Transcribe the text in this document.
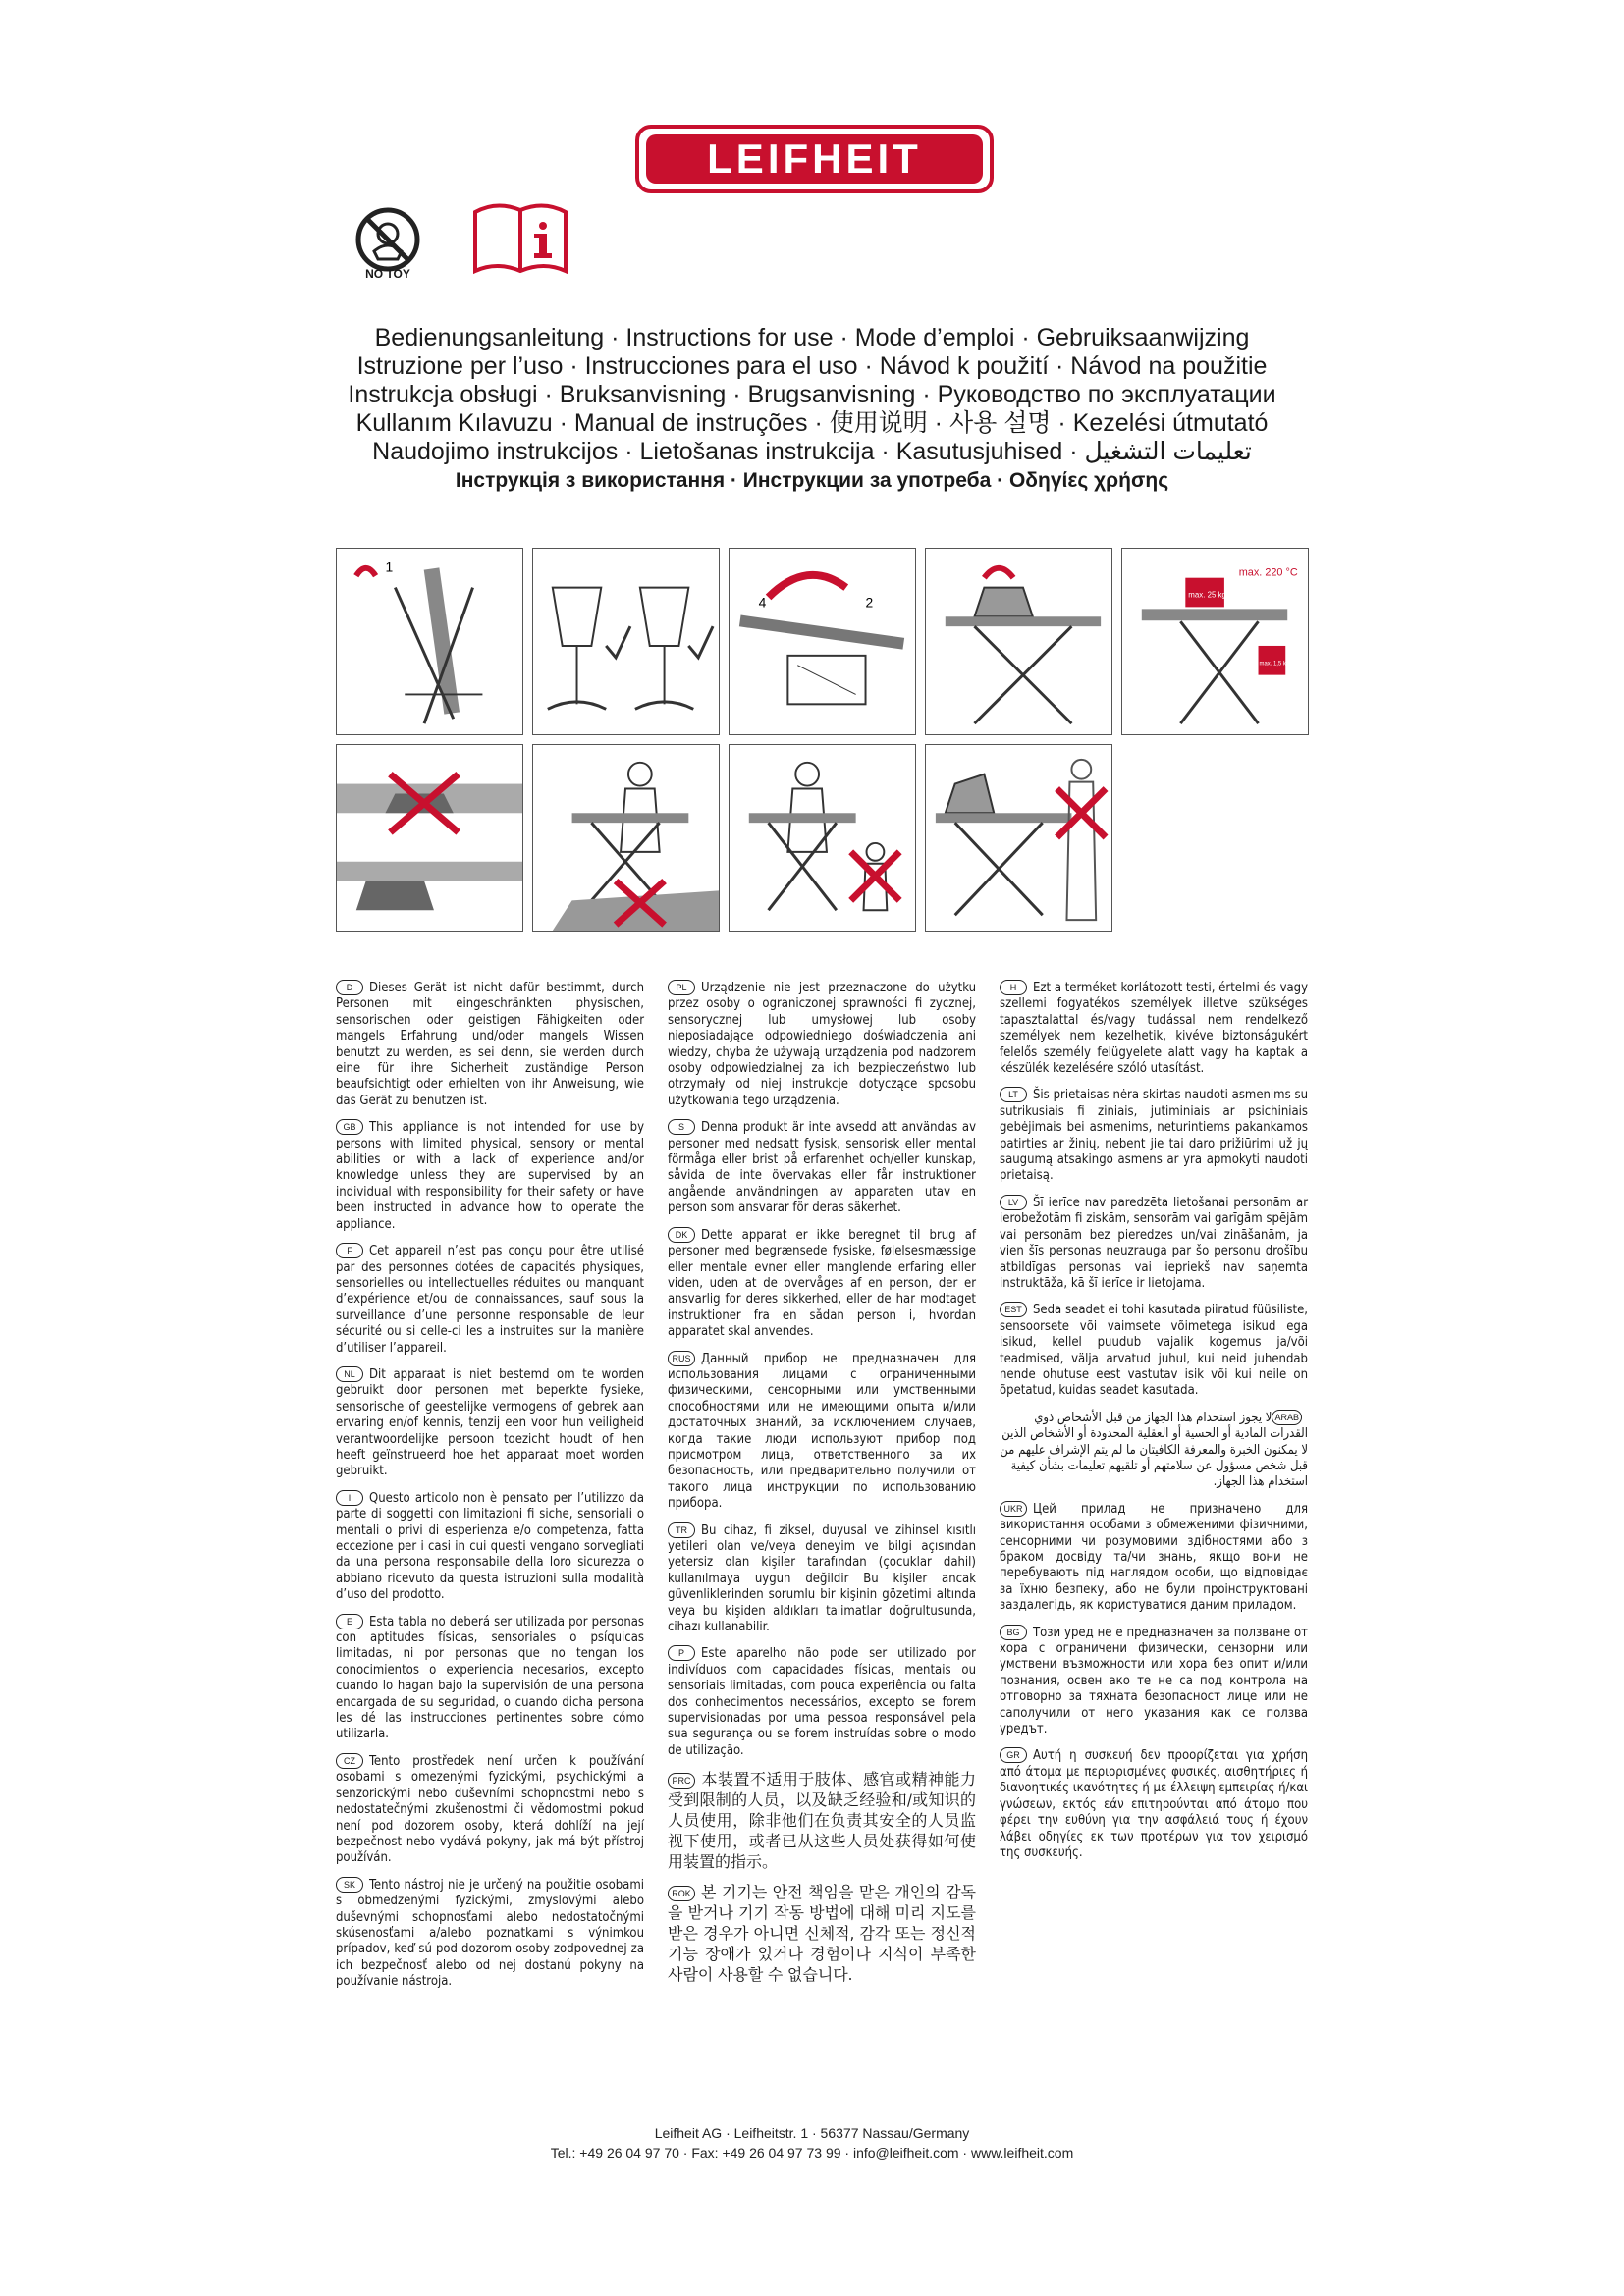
LEIFHEIT
NO TOY
Bedienungsanleitung · Instructions for use · Mode d’emploi · Gebruiksaanwijzing
Istruzione per l’uso · Instrucciones para el uso · Návod k použití · Návod na použitie
Instrukcja obsługi · Bruksanvisning · Brugsanvisning · Руководство по эксплуатации
Kullanım Kılavuzu · Manual de instruções · 使用说明 · 사용 설명 · Kezelési útmutató
Naudojimo instrukcijos · Lietošanas instrukcija · Kasutusjuhised · تعليمات التشغيل
Інструкція з використання · Инструкции за употреба · Οδηγίες χρήσης
1
4	2
max. 220 °C
max. 25 kg
max. 1,5 kg

D Dieses Gerät ist nicht dafür bestimmt, durch Personen mit eingeschränkten physischen, sensorischen oder geistigen Fähigkeiten oder mangels Erfahrung und/oder mangels Wissen benutzt zu werden, es sei denn, sie werden durch eine für ihre Sicherheit zuständige Person beaufsichtigt oder erhielten von ihr Anweisung, wie das Gerät zu benutzen ist.

GB This appliance is not intended for use by persons with limited physical, sensory or mental abilities or with a lack of experience and/or knowledge unless they are supervised by an individual with responsibility for their safety or have been instructed in advance how to operate the appliance.

F Cet appareil n’est pas conçu pour être utilisé par des personnes dotées de capacités physiques, sensorielles ou intellectuelles réduites ou manquant d’expérience et/ou de connaissances, sauf sous la surveillance d’une personne responsable de leur sécurité ou si celle-ci les a instruites sur la manière d’utiliser l’appareil.

NL Dit apparaat is niet bestemd om te worden gebruikt door personen met beperkte fysieke, sensorische of geestelijke vermogens of gebrek aan ervaring en/of kennis, tenzij een voor hun veiligheid verantwoordelijke persoon toezicht houdt of hen heeft geïnstrueerd hoe het apparaat moet worden gebruikt.

I Questo articolo non è pensato per l’utilizzo da parte di soggetti con limitazioni fi siche, sensoriali o mentali o privi di esperienza e/o competenza, fatta eccezione per i casi in cui questi vengano sorvegliati da una persona responsabile della loro sicurezza o abbiano ricevuto da questa istruzioni sulla modalità d’uso del prodotto.

E Esta tabla no deberá ser utilizada por personas con aptitudes físicas, sensoriales o psíquicas limitadas, ni por personas que no tengan los conocimientos o experiencia necesarios, excepto cuando lo hagan bajo la supervisión de una persona encargada de su seguridad, o cuando dicha persona les dé las instrucciones pertinentes sobre cómo utilizarla.

CZ Tento prostředek není určen k používání osobami s omezenými fyzickými, psychickými a senzorickými nebo duševními schopnostmi nebo s nedostatečnými zkušenostmi či vědomostmi pokud není pod dozorem osoby, která dohlíží na její bezpečnost nebo vydává pokyny, jak má být přístroj používán.

SK Tento nástroj nie je určený na použitie osobami s obmedzenými fyzickými, zmyslovými alebo duševnými schopnosťami alebo nedostatočnými skúsenosťami a/alebo poznatkami s výnimkou prípadov, keď sú pod dozorom osoby zodpovednej za ich bezpečnosť alebo od nej dostanú pokyny na používanie nástroja.

PL Urządzenie nie jest przeznaczone do użytku przez osoby o ograniczonej sprawności fi zycznej, sensorycznej lub umysłowej lub osoby nieposiadające odpowiedniego doświadczenia ani wiedzy, chyba że używają urządzenia pod nadzorem osoby odpowiedzialnej za ich bezpieczeństwo lub otrzymały od niej instrukcje dotyczące sposobu użytkowania tego urządzenia.

S Denna produkt är inte avsedd att användas av personer med nedsatt fysisk, sensorisk eller mental förmåga eller brist på erfarenhet och/eller kunskap, såvida de inte övervakas eller får instruktioner angående användningen av apparaten utav en person som ansvarar för deras säkerhet.

DK Dette apparat er ikke beregnet til brug af personer med begrænsede fysiske, følelsesmæssige eller mentale evner eller manglende erfaring eller viden, uden at de overvåges af en person, der er ansvarlig for deres sikkerhed, eller de har modtaget instruktioner fra en sådan person i, hvordan apparatet skal anvendes.

RUS Данный прибор не предназначен для использования лицами с ограниченными физическими, сенсорными или умственными способностями или не имеющими опыта и/или достаточных знаний, за исключением случаев, когда такие люди используют прибор под присмотром лица, ответственного за их безопасность, или предварительно получили от такого лица инструкции по использованию прибора.

TR Bu cihaz, fi ziksel, duyusal ve zihinsel kısıtlı yetileri olan ve/veya deneyim ve bilgi açısından yetersiz olan kişiler tarafından (çocuklar dahil) kullanılmaya uygun değildir Bu kişiler ancak güvenliklerinden sorumlu bir kişinin gözetimi altında veya bu kişiden aldıkları talimatlar doğrultusunda, cihazı kullanabilir.

P Este aparelho não pode ser utilizado por indivíduos com capacidades físicas, mentais ou sensoriais limitadas, com pouca experiência ou falta dos conhecimentos necessários, excepto se forem supervisionadas por uma pessoa responsável pela sua segurança ou se forem instruídas sobre o modo de utilização.

PRC 本装置不适用于肢体、感官或精神能力受到限制的人员，以及缺乏经验和/或知识的人员使用，除非他们在负责其安全的人员监视下使用，或者已从这些人员处获得如何使用装置的指示。

ROK 본 기기는 안전 책임을 맡은 개인의 감독을 받거나 기기 작동 방법에 대해 미리 지도를 받은 경우가 아니면 신체적, 감각 또는 정신적 기능 장애가 있거나 경험이나 지식이 부족한 사람이 사용할 수 없습니다.

H Ezt a terméket korlátozott testi, értelmi és vagy szellemi fogyatékos személyek illetve szükséges tapasztalattal és/vagy tudással nem rendelkező személyek nem kezelhetik, kivéve biztonságukért felelős személy felügyelete alatt vagy ha kaptak a készülék kezelésére szóló utasítást.

LT Šis prietaisas nėra skirtas naudoti asmenims su sutrikusiais fi ziniais, jutiminiais ar psichiniais gebėjimais bei asmenims, neturintiems pakankamos patirties ar žinių, nebent jie tai daro prižiūrimi už jų saugumą atsakingo asmens ar yra apmokyti naudoti prietaisą.

LV Šī ierīce nav paredzēta lietošanai personām ar ierobežotām fi ziskām, sensorām vai garīgām spējām vai personām bez pieredzes un/vai zināšanām, ja vien šīs personas neuzrauga par šo personu drošību atbildīgas personas vai iepriekš nav saņemta instruktāža, kā šī ierīce ir lietojama.

EST Seda seadet ei tohi kasutada piiratud füüsiliste, sensoorsete või vaimsete võimetega isikud ega isikud, kellel puudub vajalik kogemus ja/või teadmised, välja arvatud juhul, kui neid juhendab nende ohutuse eest vastutav isik või kui neile on õpetatud, kuidas seadet kasutada.

ARABلا يجوز استخدام هذا الجهاز من قبل الأشخاص ذوي القدرات المادية أو الحسية أو العقلية المحدودة أو الأشخاص الذين لا يمكنون الخبرة والمعرفة الكافيتان ما لم يتم الإشراف عليهم من قبل شخص مسؤول عن سلامتهم أو تلقيهم تعليمات بشأن كيفية استخدام هذا الجهاز.

UKR Цей прилад не призначено для використання особами з обмеженими фізичними, сенсорними чи розумовими здібностями або з браком досвіду та/чи знань, якщо вони не перебувають під наглядом особи, що відповідає за їхню безпеку, або не були проінструктовані заздалегідь, як користуватися даним приладом.

BG Този уред не е предназначен за ползване от хора с ограничени физически, сензорни или умствени възможности или хора без опит и/или познания, освен ако те не са под контрола на отговорно за тяхната безопасност лице или не саполучили от него указания как се ползва уредът.

GR Αυτή η συσκευή δεν προορίζεται για χρήση από άτομα με περιορισμένες φυσικές, αισθητήριες ή διανοητικές ικανότητες ή με έλλειψη εμπειρίας ή/και γνώσεων, εκτός εάν επιτηρούνται από άτομο που φέρει την ευθύνη για την ασφάλειά τους ή έχουν λάβει οδηγίες εκ των προτέρων για τον χειρισμό της συσκευής.

Leifheit AG · Leifheitstr. 1 · 56377 Nassau/Germany
Tel.: +49 26 04 97 70 · Fax: +49 26 04 97 73 99 · info@leifheit.com · www.leifheit.com
